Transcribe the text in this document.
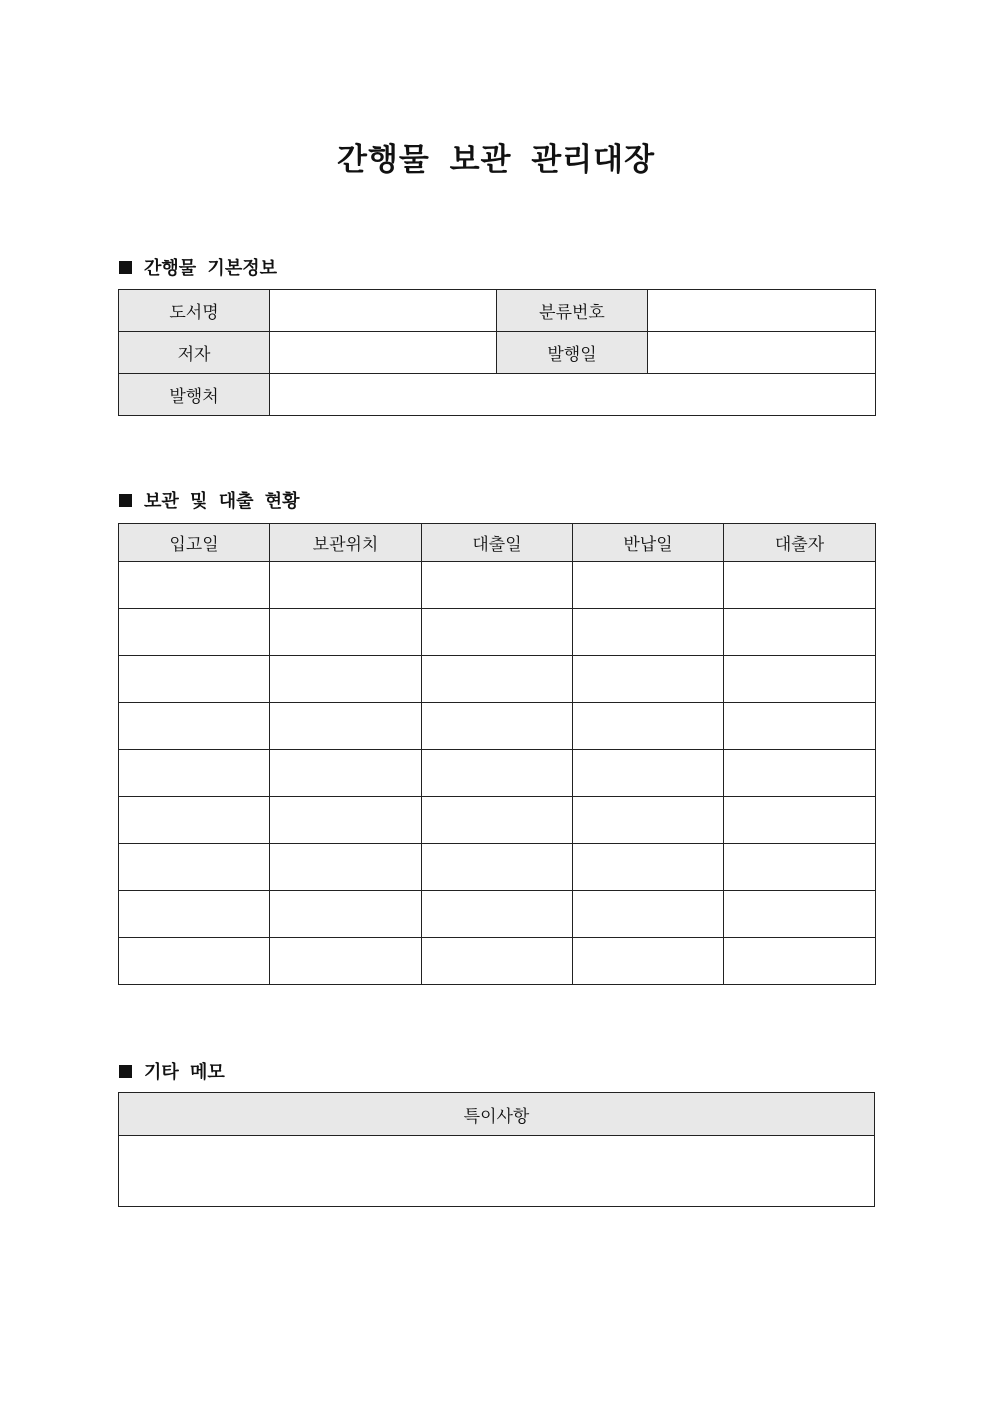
간행물 보관 관리대장
간행물 기본정보
도서명		분류번호	
저자		발행일	
발행처			
보관 및 대출 현황
입고일	보관위치	대출일	반납일	대출자

기타 메모
특이사항
